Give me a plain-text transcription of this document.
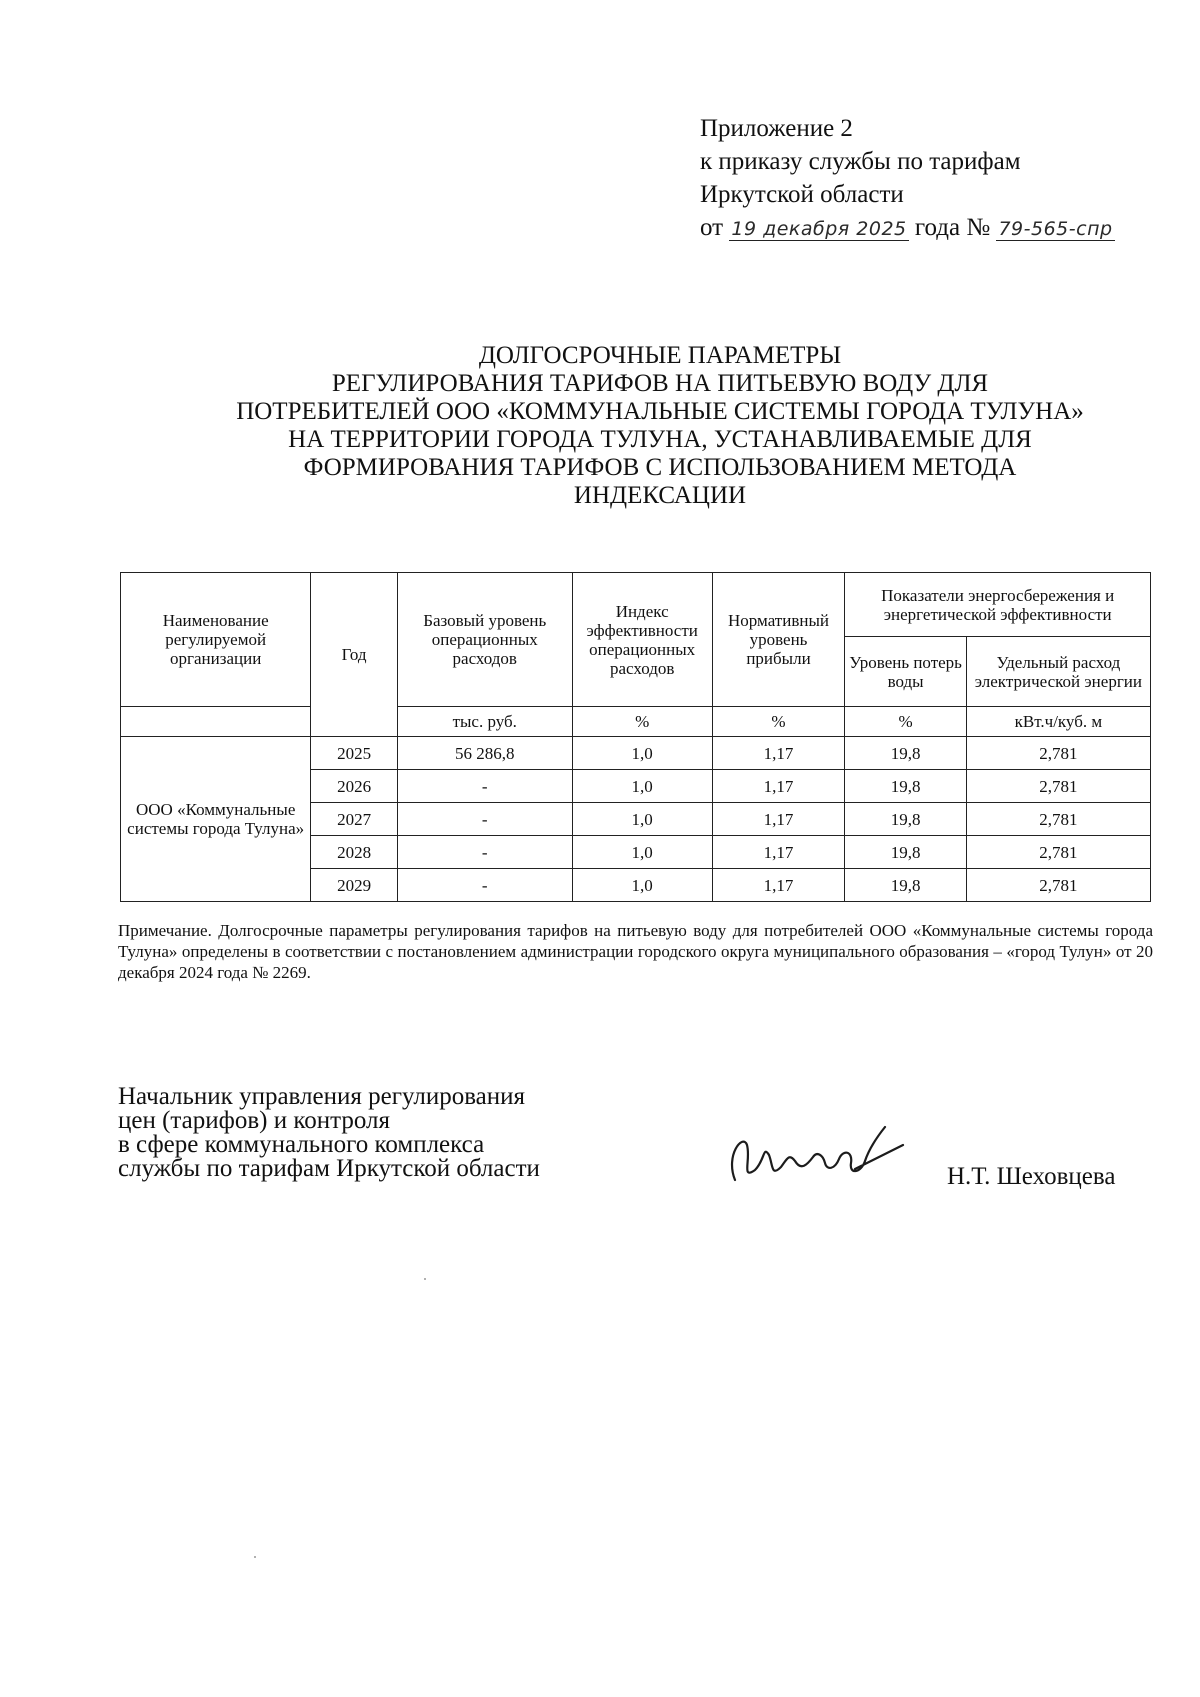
Приложение 2
к приказу службы по тарифам
Иркутской области
от 19 декабря 2025 года № 79-565-спр
ДОЛГОСРОЧНЫЕ ПАРАМЕТРЫ
РЕГУЛИРОВАНИЯ ТАРИФОВ НА ПИТЬЕВУЮ ВОДУ ДЛЯ
ПОТРЕБИТЕЛЕЙ ООО «КОММУНАЛЬНЫЕ СИСТЕМЫ ГОРОДА ТУЛУНА»
НА ТЕРРИТОРИИ ГОРОДА ТУЛУНА, УСТАНАВЛИВАЕМЫЕ ДЛЯ
ФОРМИРОВАНИЯ ТАРИФОВ С ИСПОЛЬЗОВАНИЕМ МЕТОДА
ИНДЕКСАЦИИ
Наименование регулируемой организации	Год	Базовый уровень операционных расходов	Индекс эффективности операционных расходов	Нормативный уровень прибыли	Показатели энергосбережения и энергетической эффективности	
					Уровень потерь воды	Удельный расход электрической энергии
		тыс. руб.	%	%	%	кВт.ч/куб. м
ООО «Коммунальные системы города Тулуна»	2025	56 286,8	1,0	1,17	19,8	2,781
	2026	-	1,0	1,17	19,8	2,781
	2027	-	1,0	1,17	19,8	2,781
	2028	-	1,0	1,17	19,8	2,781
	2029	-	1,0	1,17	19,8	2,781
Примечание. Долгосрочные параметры регулирования тарифов на питьевую воду для потребителей ООО «Коммунальные системы города Тулуна» определены в соответствии с постановлением администрации городского округа муниципального образования – «город Тулун» от 20 декабря 2024 года № 2269.
Начальник управления регулирования
цен (тарифов) и контроля
в сфере коммунального комплекса
службы по тарифам Иркутской области	Н.Т. Шеховцева
